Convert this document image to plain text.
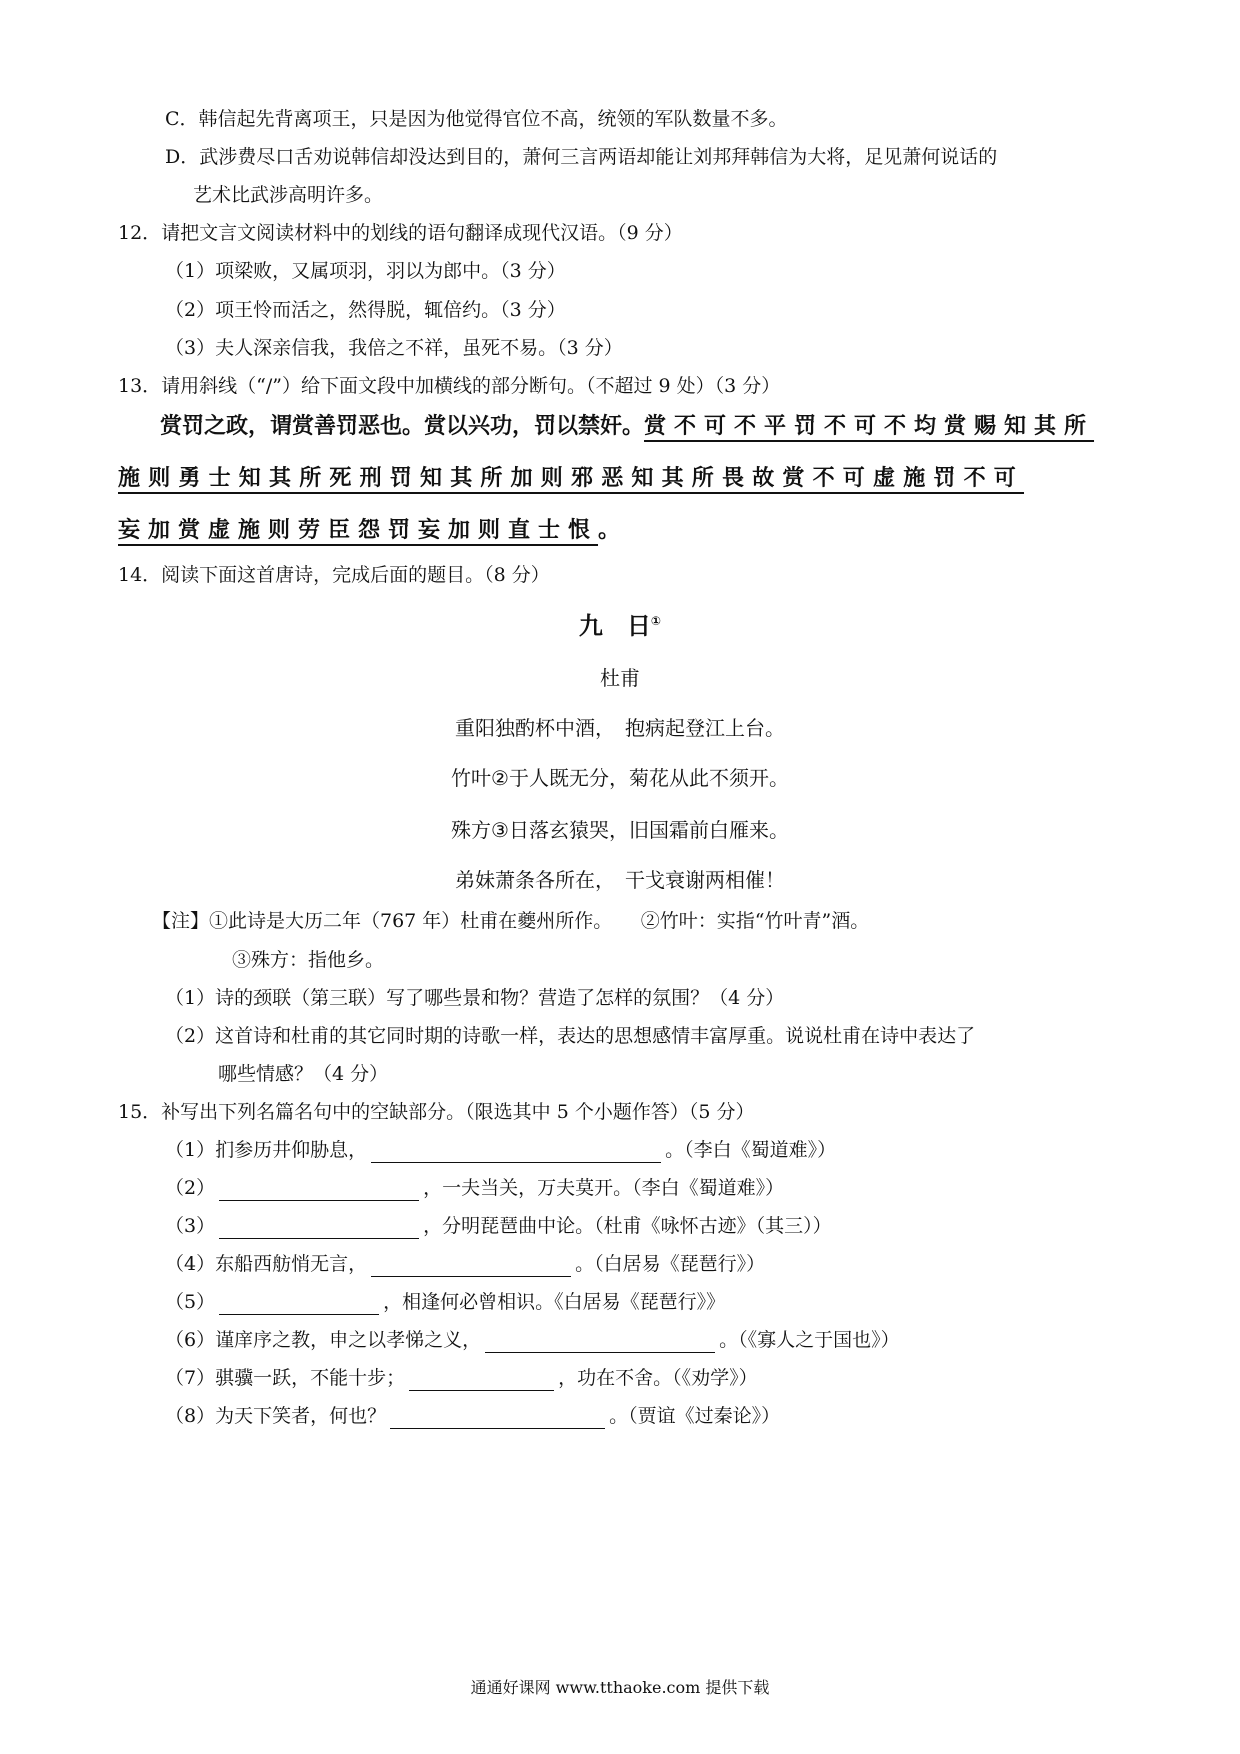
C．韩信起先背离项王，只是因为他觉得官位不高，统领的军队数量不多。
D．武涉费尽口舌劝说韩信却没达到目的，萧何三言两语却能让刘邦拜韩信为大将，足见萧何说话的
艺术比武涉高明许多。
12．请把文言文阅读材料中的划线的语句翻译成现代汉语。（9 分）
（1）项梁败，又属项羽，羽以为郎中。（3 分）
（2）项王怜而活之，然得脱，辄倍约。（3 分）
（3）夫人深亲信我，我倍之不祥，虽死不易。（3 分）
13．请用斜线（“/”）给下面文段中加横线的部分断句。（不超过 9 处）（3 分）
赏罚之政，谓赏善罚恶也。赏以兴功，罚以禁奸。赏不可不平罚不可不均赏赐知其所
施则勇士知其所死刑罚知其所加则邪恶知其所畏故赏不可虚施罚不可
妄加赏虚施则劳臣怨罚妄加则直士恨。
14．阅读下面这首唐诗，完成后面的题目。（8 分）
九　日①
杜甫
重阳独酌杯中酒，　抱病起登江上台。
竹叶②于人既无分，菊花从此不须开。
殊方③日落玄猿哭，旧国霜前白雁来。
弟妹萧条各所在，　干戈衰谢两相催！
【注】①此诗是大历二年（767 年）杜甫在夔州所作。　　②竹叶：实指“竹叶青”酒。
③殊方：指他乡。
（1）诗的颈联（第三联）写了哪些景和物？营造了怎样的氛围？（4 分）
（2）这首诗和杜甫的其它同时期的诗歌一样，表达的思想感情丰富厚重。说说杜甫在诗中表达了
哪些情感？（4 分）
15．补写出下列名篇名句中的空缺部分。（限选其中 5 个小题作答）（5 分）
（1）扪参历井仰胁息，	。（李白《蜀道难》）
（2）	，一夫当关，万夫莫开。（李白《蜀道难》）
（3）	，分明琵琶曲中论。（杜甫《咏怀古迹》（其三））
（4）东船西舫悄无言，	。（白居易《琵琶行》）
（5）	，相逢何必曾相识。《白居易《琵琶行》》
（6）谨庠序之教，申之以孝悌之义，	。（《寡人之于国也》）
（7）骐骥一跃，不能十步；	，功在不舍。（《劝学》）
（8）为天下笑者，何也？	。（贾谊《过秦论》）
通通好课网 www.tthaoke.com 提供下载
